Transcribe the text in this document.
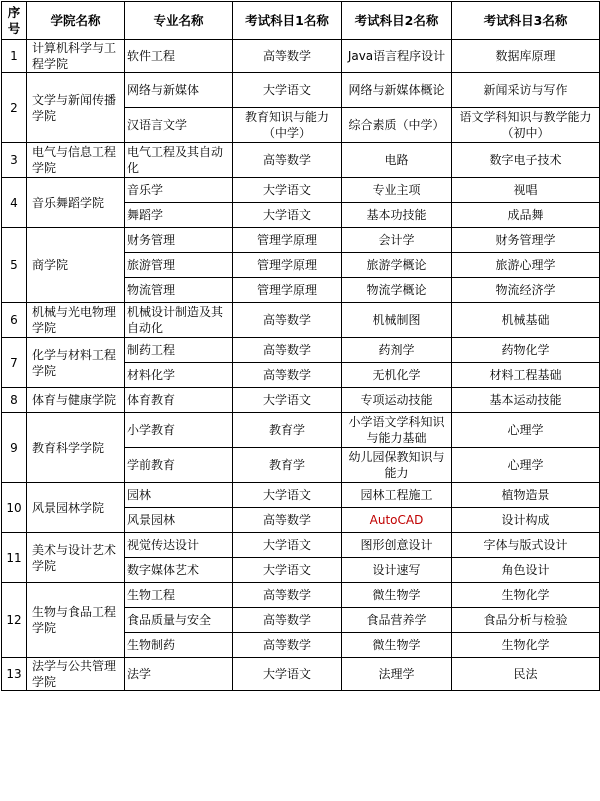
序号	学院名称	专业名称	考试科目1名称	考试科目2名称	考试科目3名称
1	计算机科学与工程学院	软件工程	高等数学	Java语言程序设计	数据库原理
2	文学与新闻传播学院	网络与新媒体	大学语文	网络与新媒体概论	新闻采访与写作
		汉语言文学	教育知识与能力（中学）	综合素质（中学）	语文学科知识与教学能力（初中）
3	电气与信息工程学院	电气工程及其自动化	高等数学	电路	数字电子技术
4	音乐舞蹈学院	音乐学	大学语文	专业主项	视唱
		舞蹈学	大学语文	基本功技能	成品舞
5	商学院	财务管理	管理学原理	会计学	财务管理学
		旅游管理	管理学原理	旅游学概论	旅游心理学
		物流管理	管理学原理	物流学概论	物流经济学
6	机械与光电物理学院	机械设计制造及其自动化	高等数学	机械制图	机械基础
7	化学与材料工程学院	制药工程	高等数学	药剂学	药物化学
		材料化学	高等数学	无机化学	材料工程基础
8	体育与健康学院	体育教育	大学语文	专项运动技能	基本运动技能
9	教育科学学院	小学教育	教育学	小学语文学科知识与能力基础	心理学
		学前教育	教育学	幼儿园保教知识与能力	心理学
10	风景园林学院	园林	大学语文	园林工程施工	植物造景
		风景园林	高等数学	AutoCAD	设计构成
11	美术与设计艺术学院	视觉传达设计	大学语文	图形创意设计	字体与版式设计
		数字媒体艺术	大学语文	设计速写	角色设计
12	生物与食品工程学院	生物工程	高等数学	微生物学	生物化学
		食品质量与安全	高等数学	食品营养学	食品分析与检验
		生物制药	高等数学	微生物学	生物化学
13	法学与公共管理学院	法学	大学语文	法理学	民法
